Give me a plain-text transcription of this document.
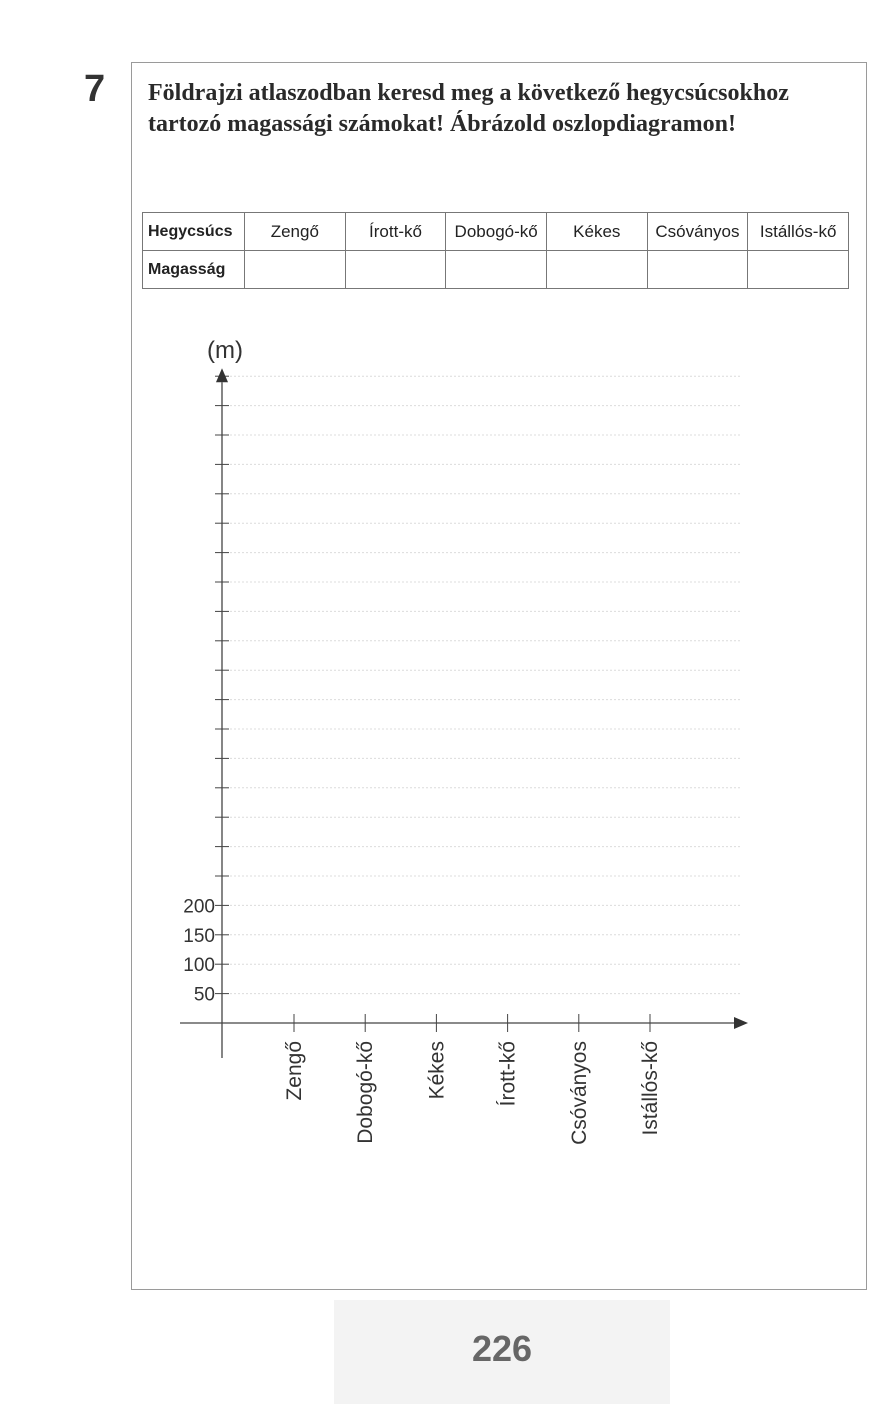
7 Földrajzi atlaszodban keresd meg a következő hegycsúcsokhoz
tartozó magassági számokat! Ábrázold oszlopdiagramon!
Hegycsúcs	Zengő	Írott-kő	Dobogó-kő	Kékes	Csóványos	Istállós-kő
Magasság						
50
100
150
200
(m)
Zengő Dobogó-kő Kékes Írott-kő Csóványos Istállós-kő
226
